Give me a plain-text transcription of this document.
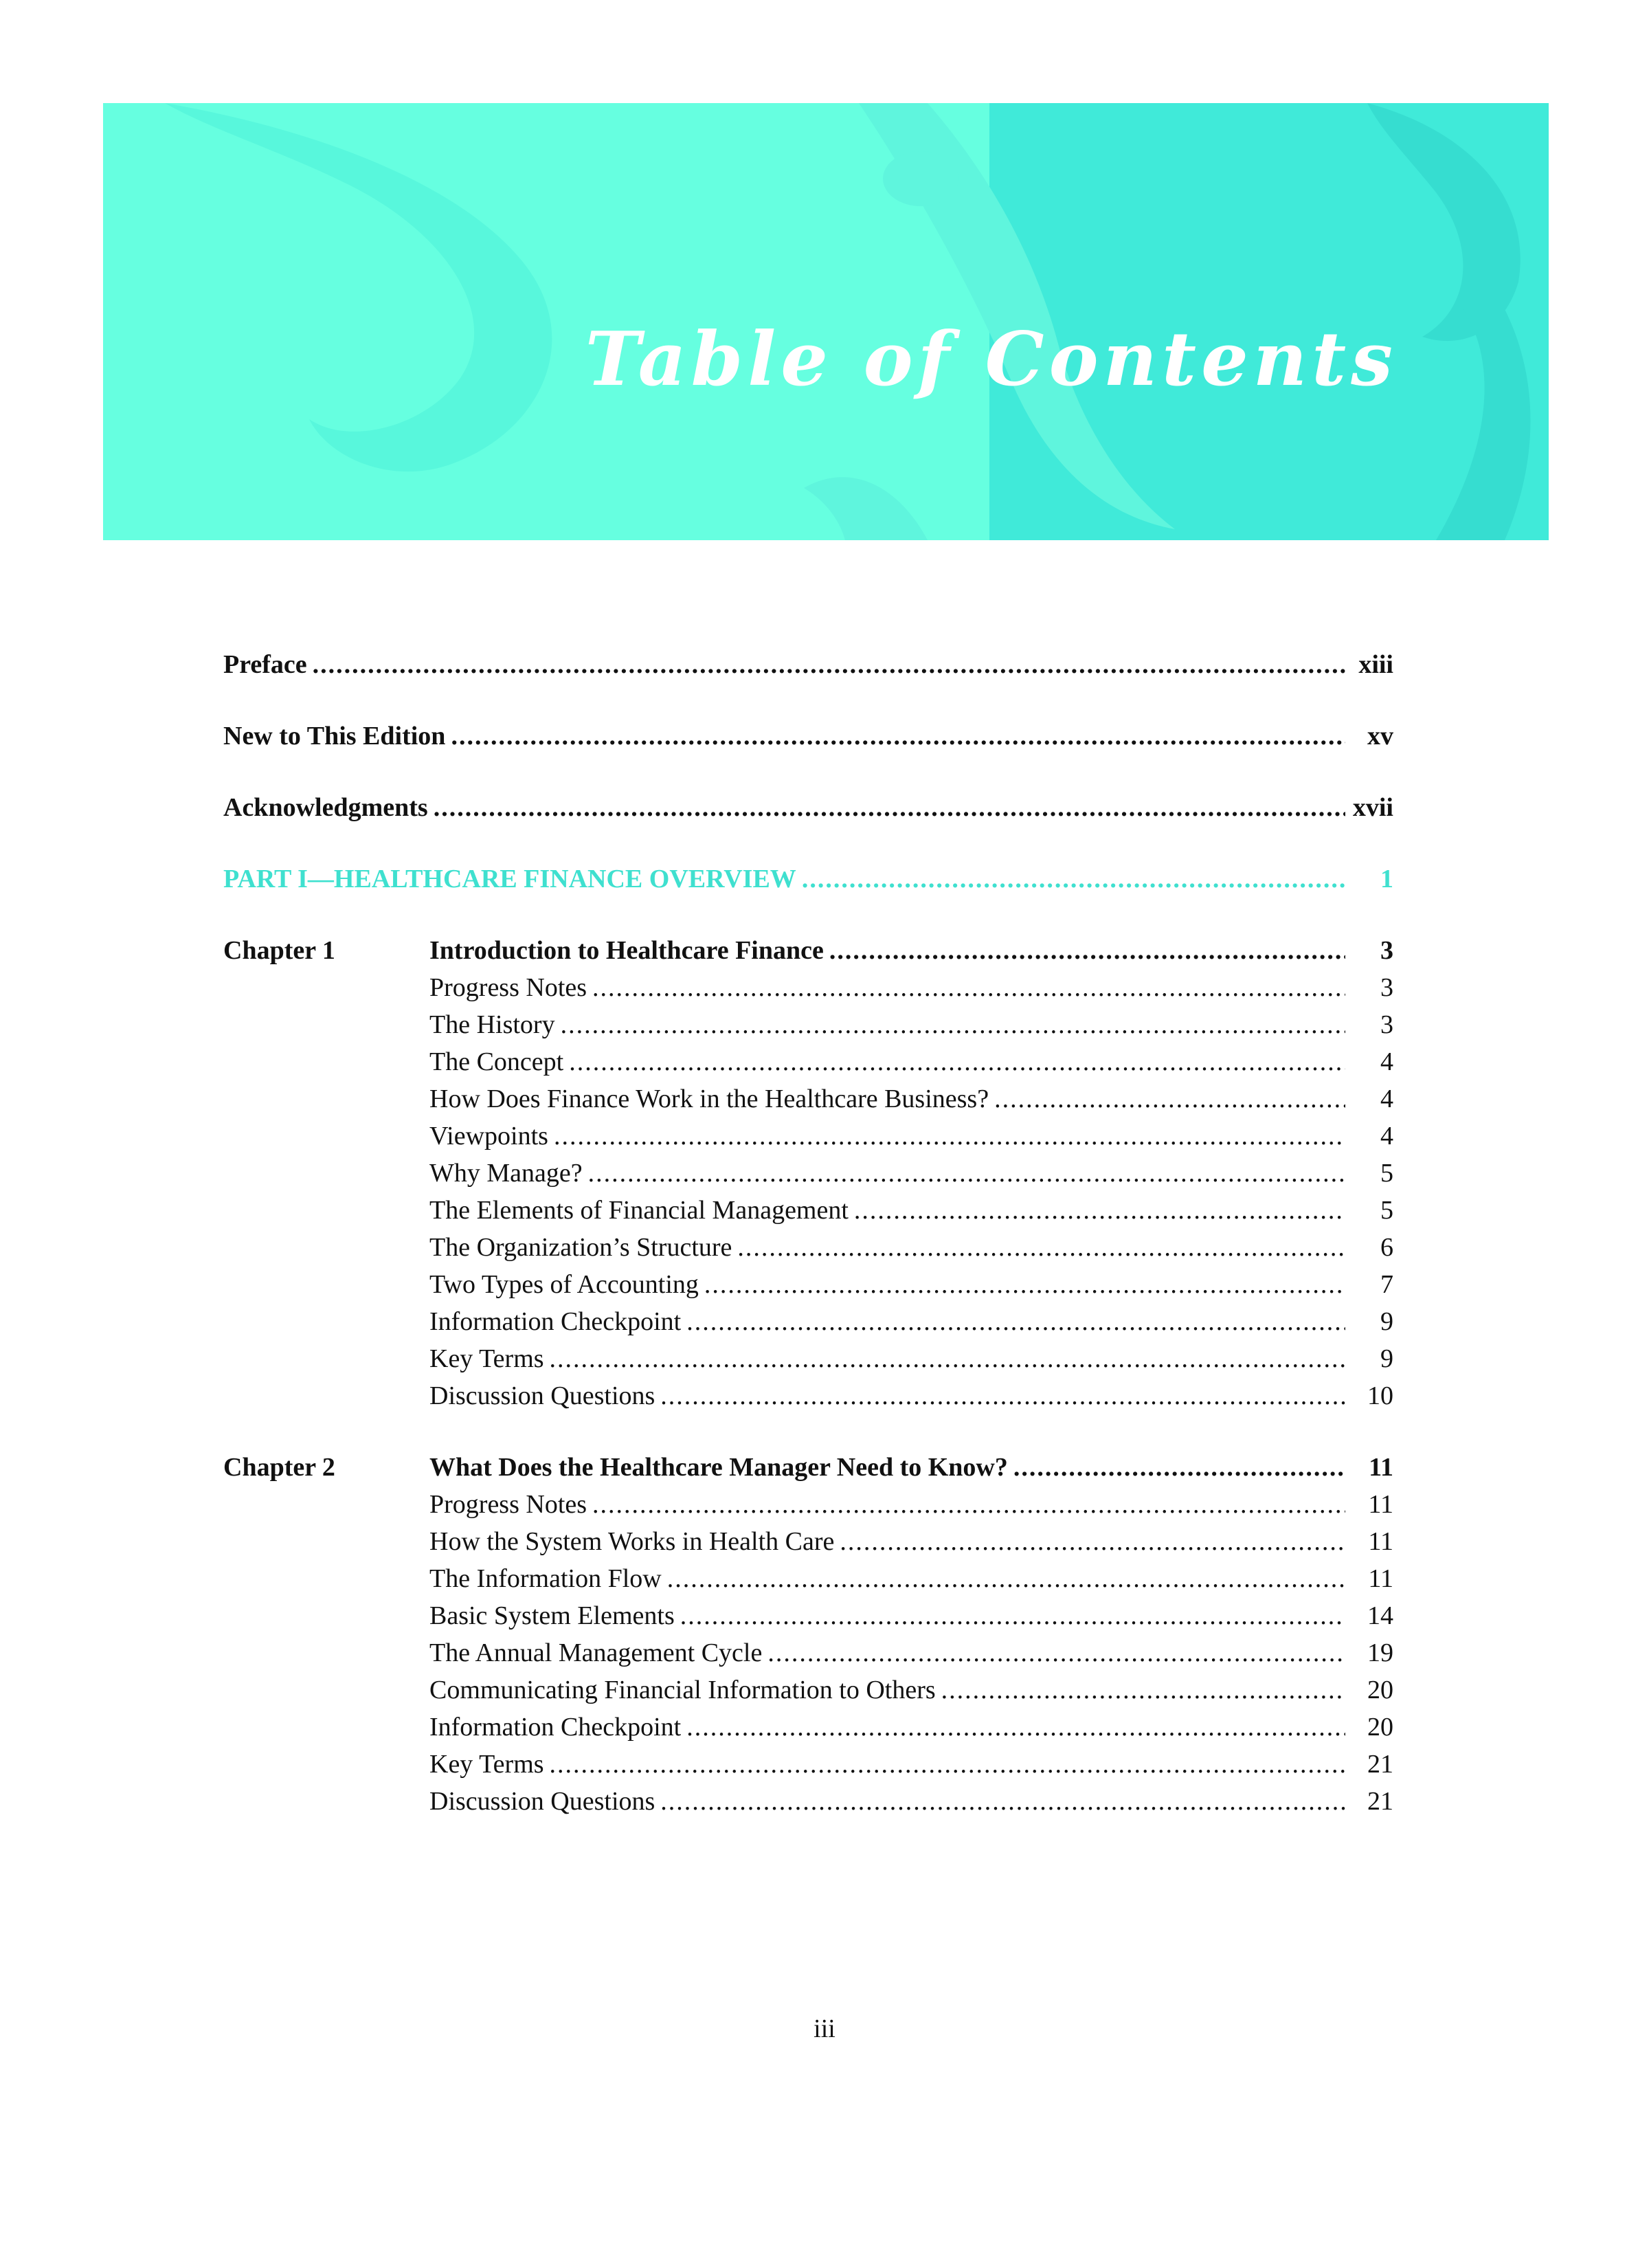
Table of Contents
Preface .....	xiii
New to This Edition .....	xv
Acknowledgments .....	xvii
PART I—HEALTHCARE FINANCE OVERVIEW .....	1
Chapter 1	Introduction to Healthcare Finance .....	3
Progress Notes .....	3
The History .....	3
The Concept .....	4
How Does Finance Work in the Healthcare Business? .....	4
Viewpoints .....	4
Why Manage? .....	5
The Elements of Financial Management .....	5
The Organization’s Structure .....	6
Two Types of Accounting .....	7
Information Checkpoint .....	9
Key Terms .....	9
Discussion Questions .....	10
Chapter 2	What Does the Healthcare Manager Need to Know? .....	11
Progress Notes .....	11
How the System Works in Health Care .....	11
The Information Flow .....	11
Basic System Elements .....	14
The Annual Management Cycle .....	19
Communicating Financial Information to Others .....	20
Information Checkpoint .....	20
Key Terms .....	21
Discussion Questions .....	21
iii
